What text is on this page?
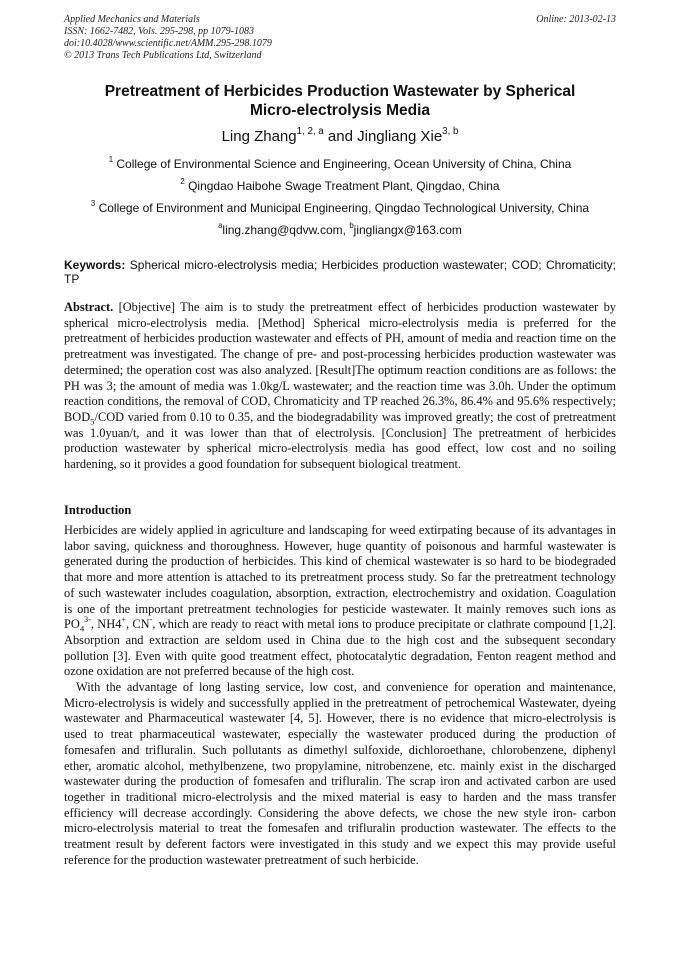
Applied Mechanics and Materials
ISSN: 1662-7482, Vols. 295-298, pp 1079-1083
doi:10.4028/www.scientific.net/AMM.295-298.1079
© 2013 Trans Tech Publications Ltd, Switzerland
Online: 2013-02-13
Pretreatment of Herbicides Production Wastewater by Spherical
Micro-electrolysis Media
Ling Zhang$^{1, 2, a}$ and Jingliang Xie$^{3, b}$
$^1$ College of Environmental Science and Engineering, Ocean University of China, China
$^2$ Qingdao Haibohe Swage Treatment Plant, Qingdao, China
$^3$ College of Environment and Municipal Engineering, Qingdao Technological University, China
$^a$ling.zhang@qdvw.com, $^b$jingliangx@163.com
Keywords: Spherical micro-electrolysis media; Herbicides production wastewater; COD; Chromaticity; TP

Abstract. [Objective] The aim is to study the pretreatment effect of herbicides production wastewater by spherical micro-electrolysis media. [Method] Spherical micro-electrolysis media is preferred for the pretreatment of herbicides production wastewater and effects of PH, amount of media and reaction time on the pretreatment was investigated. The change of pre- and post-processing herbicides production wastewater was determined; the operation cost was also analyzed. [Result]The optimum reaction conditions are as follows: the PH was 3; the amount of media was 1.0kg/L wastewater; and the reaction time was 3.0h. Under the optimum reaction conditions, the removal of COD, Chromaticity and TP reached 26.3%, 86.4% and 95.6% respectively; $BOD_5$/COD varied from 0.10 to 0.35, and the biodegradability was improved greatly; the cost of pretreatment was 1.0yuan/t, and it was lower than that of electrolysis. [Conclusion] The pretreatment of herbicides production wastewater by spherical micro-electrolysis media has good effect, low cost and no soiling hardening, so it provides a good foundation for subsequent biological treatment.

Introduction

Herbicides are widely applied in agriculture and landscaping for weed extirpating because of its advantages in labor saving, quickness and thoroughness. However, huge quantity of poisonous and harmful wastewater is generated during the production of herbicides. This kind of chemical wastewater is so hard to be biodegraded that more and more attention is attached to its pretreatment process study. So far the pretreatment technology of such wastewater includes coagulation, absorption, extraction, electrochemistry and oxidation. Coagulation is one of the important pretreatment technologies for pesticide wastewater. It mainly removes such ions as $PO_4^{3-}$, NH4+, CN-, which are ready to react with metal ions to produce precipitate or clathrate compound [1,2]. Absorption and extraction are seldom used in China due to the high cost and the subsequent secondary pollution [3]. Even with quite good treatment effect, photocatalytic degradation, Fenton reagent method and ozone oxidation are not preferred because of the high cost.

With the advantage of long lasting service, low cost, and convenience for operation and maintenance, Micro-electrolysis is widely and successfully applied in the pretreatment of petrochemical Wastewater, dyeing wastewater and Pharmaceutical wastewater [4, 5]. However, there is no evidence that micro-electrolysis is used to treat pharmaceutical wastewater, especially the wastewater produced during the production of fomesafen and trifluralin. Such pollutants as dimethyl sulfoxide, dichloroethane, chlorobenzene, diphenyl ether, aromatic alcohol, methylbenzene, two propylamine, nitrobenzene, etc. mainly exist in the discharged wastewater during the production of fomesafen and trifluralin. The scrap iron and activated carbon are used together in traditional micro-electrolysis and the mixed material is easy to harden and the mass transfer efficiency will decrease accordingly. Considering the above defects, we chose the new style iron- carbon micro-electrolysis material to treat the fomesafen and trifluralin production wastewater. The effects to the treatment result by deferent factors were investigated in this study and we expect this may provide useful reference for the production wastewater pretreatment of such herbicide.
